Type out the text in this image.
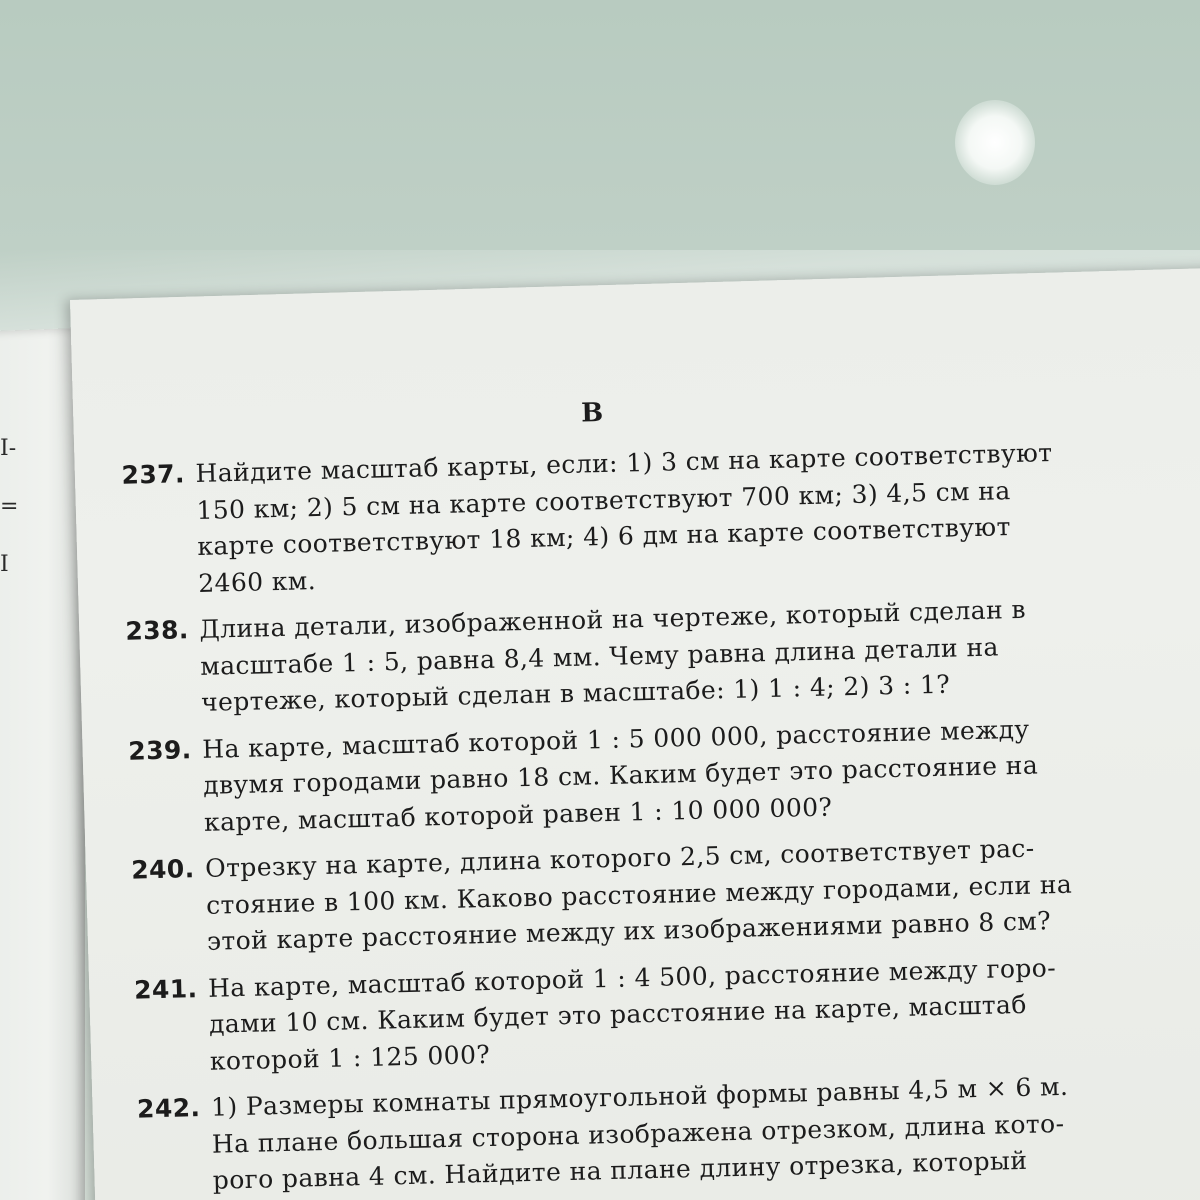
I-
=
I

В
237. Найдите масштаб карты, если: 1) 3 см на карте соответствуют
150 км; 2) 5 см на карте соответствуют 700 км; 3) 4,5 см на
карте соответствуют 18 км; 4) 6 дм на карте соответствуют
2460 км.
238. Длина детали, изображенной на чертеже, который сделан в
масштабе 1 : 5, равна 8,4 мм. Чему равна длина детали на
чертеже, который сделан в масштабе: 1) 1 : 4; 2) 3 : 1?
239. На карте, масштаб которой 1 : 5 000 000, расстояние между
двумя городами равно 18 см. Каким будет это расстояние на
карте, масштаб которой равен 1 : 10 000 000?
240. Отрезку на карте, длина которого 2,5 см, соответствует рас-
стояние в 100 км. Каково расстояние между городами, если на
этой карте расстояние между их изображениями равно 8 см?
241. На карте, масштаб которой 1 : 4 500, расстояние между горо-
дами 10 см. Каким будет это расстояние на карте, масштаб
которой 1 : 125 000?
242. 1) Размеры комнаты прямоугольной формы равны 4,5 м × 6 м.
На плане большая сторона изображена отрезком, длина кото-
рого равна 4 см. Найдите на плане длину отрезка, который
